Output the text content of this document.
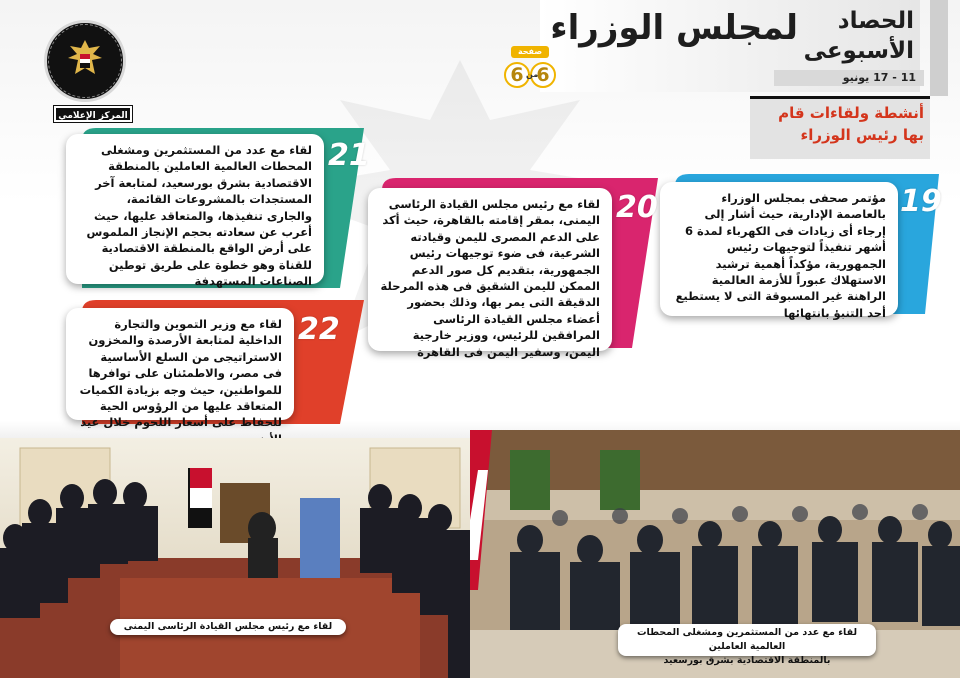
لمجلس الوزراء	الحصاد
الأسبوعى
11 - 17 يونيو
صفحة
6
6 من
المركز الإعلامي	أنشطة ولقاءات قام
بها رئيس الوزراء
19
مؤتمر صحفى بمجلس الوزراء بالعاصمة الإدارية، حيث أشار إلى إرجاء أى زيادات فى الكهرباء لمدة 6 أشهر تنفيذاً لتوجيهات رئيس الجمهورية، مؤكداً أهمية ترشيد الاستهلاك عبوراً للأزمة العالمية الراهنة غير المسبوقة التى لا يستطيع أحد التنبؤ بانتهائها
20
لقاء مع رئيس مجلس القيادة الرئاسى اليمنى، بمقر إقامته بالقاهرة، حيث أكد على الدعم المصرى لليمن وقيادته الشرعية، فى ضوء توجيهات رئيس الجمهورية، بتقديم كل صور الدعم الممكن لليمن الشقيق فى هذه المرحلة الدقيقة التى يمر بها، وذلك بحضور أعضاء مجلس القيادة الرئاسى المرافقين للرئيس، ووزير خارجية اليمن، وسفير اليمن فى القاهرة
21
لقاء مع عدد من المستثمرين ومشغلى المحطات العالمية العاملين بالمنطقة الاقتصادية بشرق بورسعيد، لمتابعة آخر المستجدات بالمشروعات القائمة، والجارى تنفيذها، والمتعاقد عليها، حيث أعرب عن سعادته بحجم الإنجاز الملموس على أرض الواقع بالمنطقة الاقتصادية للقناة وهو خطوة على طريق توطين الصناعات المستهدفة
22
لقاء مع وزير التموين والتجارة الداخلية لمتابعة الأرصدة والمخزون الاستراتيجى من السلع الأساسية فى مصر، والاطمئنان على توافرها للمواطنين، حيث وجه بزيادة الكميات المتعاقد عليها من الرؤوس الحية للحفاظ على أسعار اللحوم خلال عيد
لقاء مع رئيس مجلس القيادة الرئاسى اليمنى
لقاء مع عدد من المستثمرين ومشغلى المحطات العالمية العاملين
بالمنطقة الاقتصادية بشرق بورسعيد
